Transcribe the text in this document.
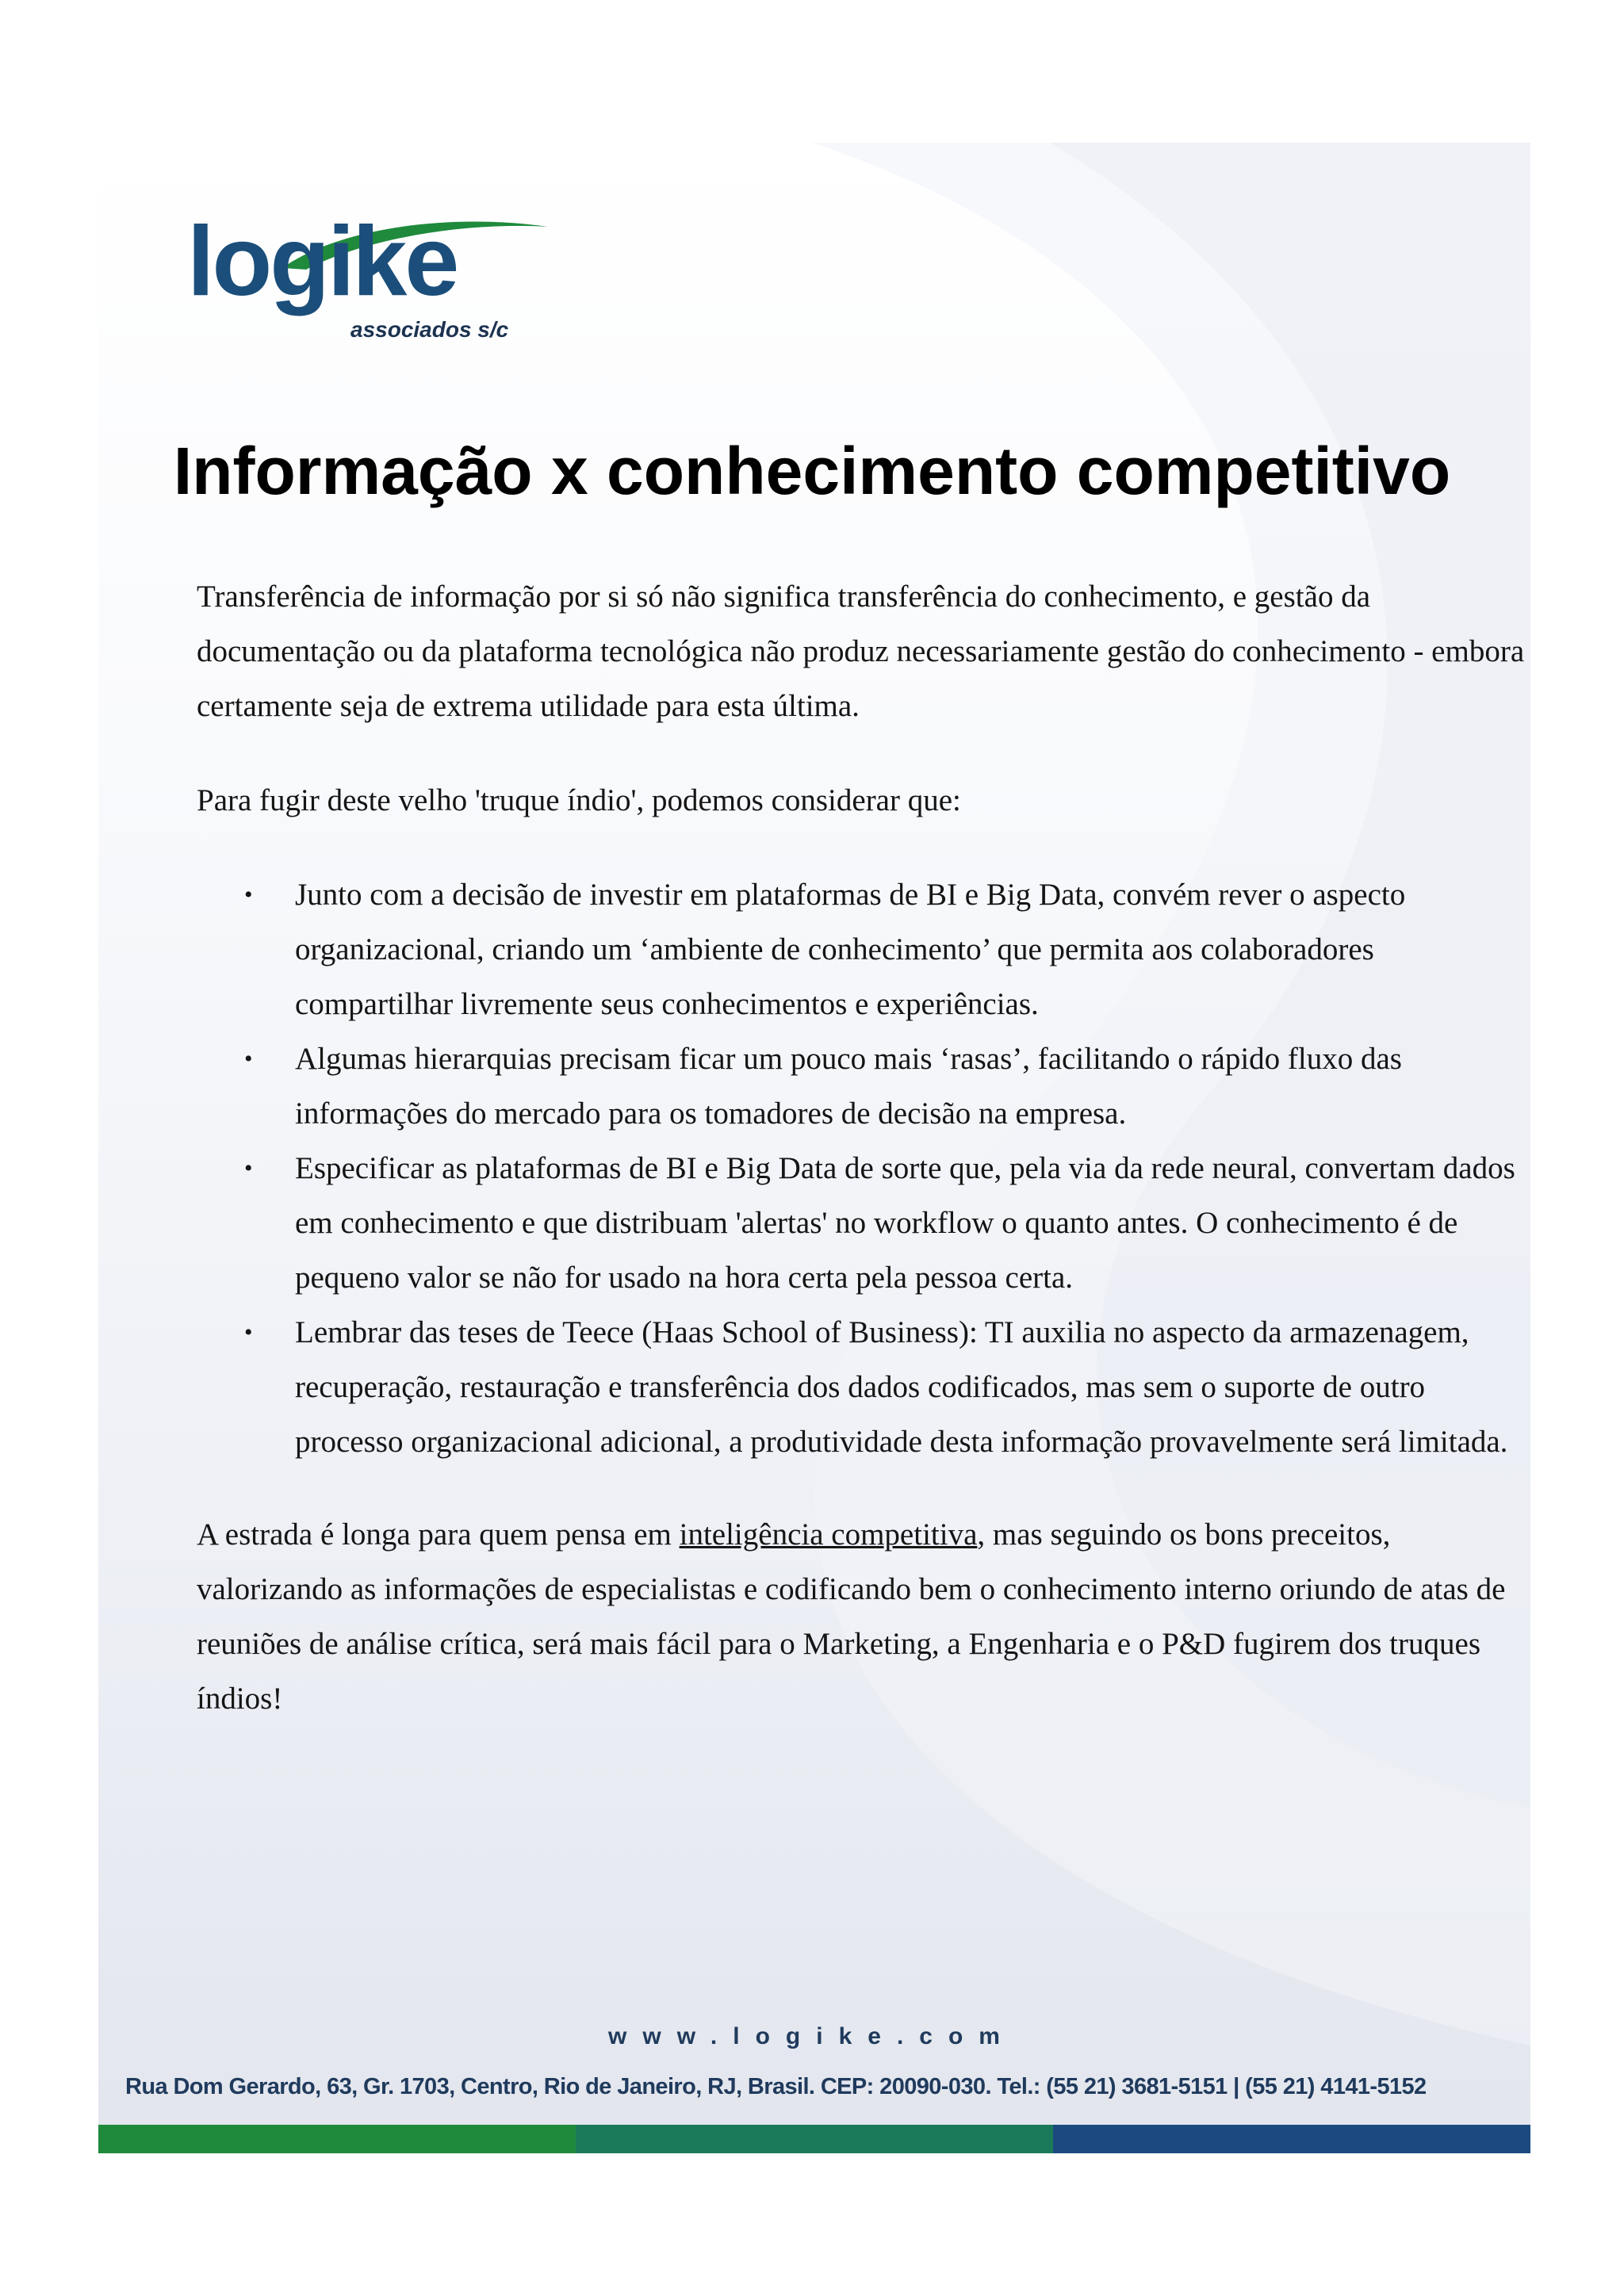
logike
associados s/c
Informação x conhecimento competitivo

Transferência de informação por si só não significa transferência do conhecimento, e gestão da documentação ou da plataforma tecnológica não produz necessariamente gestão do conhecimento - embora certamente seja de extrema utilidade para esta última.

Para fugir deste velho 'truque índio', podemos considerar que:

• Junto com a decisão de investir em plataformas de BI e Big Data, convém rever o aspecto organizacional, criando um ‘ambiente de conhecimento’ que permita aos colaboradores compartilhar livremente seus conhecimentos e experiências.
• Algumas hierarquias precisam ficar um pouco mais ‘rasas’, facilitando o rápido fluxo das informações do mercado para os tomadores de decisão na empresa.
• Especificar as plataformas de BI e Big Data de sorte que, pela via da rede neural, convertam dados em conhecimento e que distribuam 'alertas' no workflow o quanto antes. O conhecimento é de pequeno valor se não for usado na hora certa pela pessoa certa.
• Lembrar das teses de Teece (Haas School of Business): TI auxilia no aspecto da armazenagem, recuperação, restauração e transferência dos dados codificados, mas sem o suporte de outro processo organizacional adicional, a produtividade desta informação provavelmente será limitada.

A estrada é longa para quem pensa em inteligência competitiva, mas seguindo os bons preceitos, valorizando as informações de especialistas e codificando bem o conhecimento interno oriundo de atas de reuniões de análise crítica, será mais fácil para o Marketing, a Engenharia e o P&D fugirem dos truques índios!

www.logike.com
Rua Dom Gerardo, 63, Gr. 1703, Centro, Rio de Janeiro, RJ, Brasil. CEP: 20090-030. Tel.: (55 21) 3681-5151 | (55 21) 4141-5152
